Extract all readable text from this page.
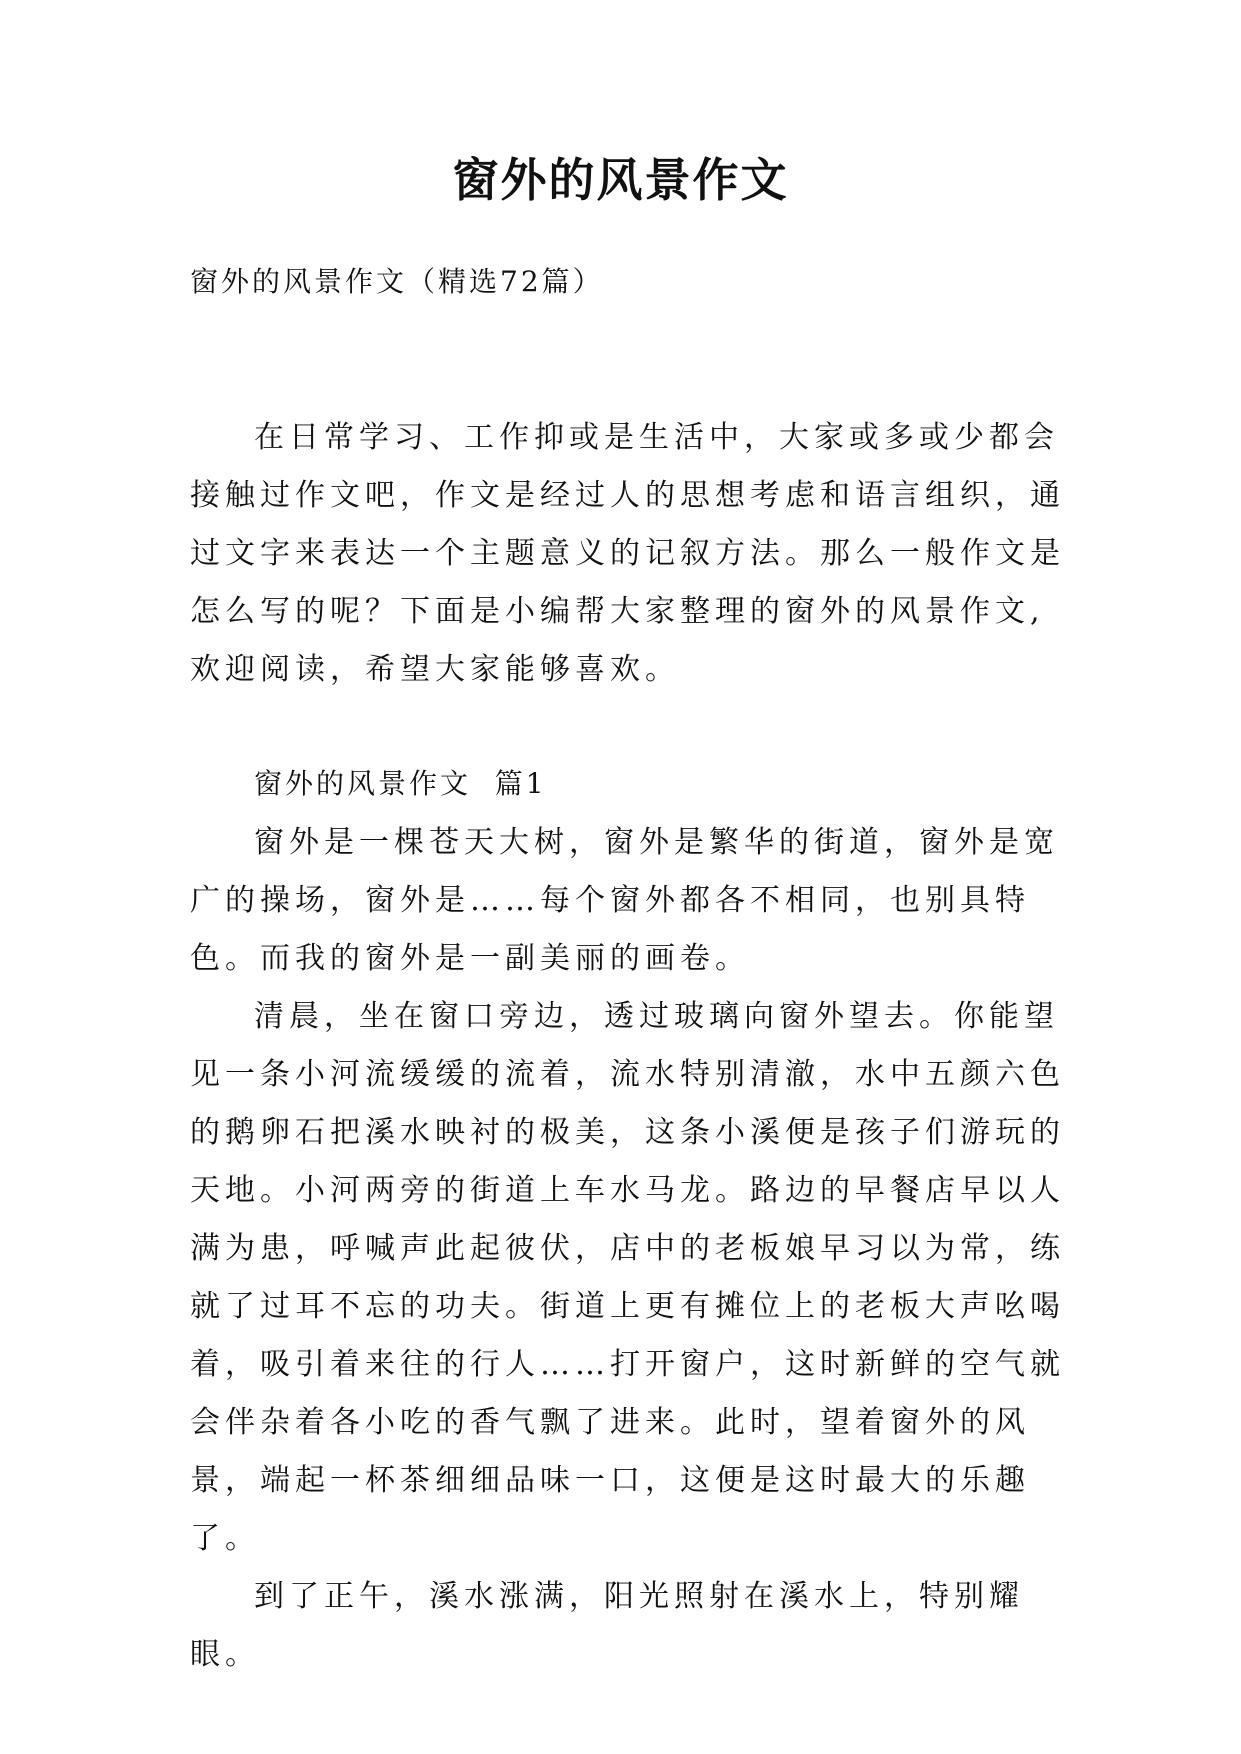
窗外的风景作文

窗外的风景作文（精选72篇）

在日常学习、工作抑或是生活中，大家或多或少都会接触过作文吧，作文是经过人的思想考虑和语言组织，通过文字来表达一个主题意义的记叙方法。那么一般作文是怎么写的呢？下面是小编帮大家整理的窗外的风景作文,欢迎阅读，希望大家能够喜欢。

窗外的风景作文  篇1

窗外是一棵苍天大树，窗外是繁华的街道，窗外是宽广的操场，窗外是……每个窗外都各不相同，也别具特色。而我的窗外是一副美丽的画卷。

清晨，坐在窗口旁边，透过玻璃向窗外望去。你能望见一条小河流缓缓的流着，流水特别清澈，水中五颜六色的鹅卵石把溪水映衬的极美，这条小溪便是孩子们游玩的天地。小河两旁的街道上车水马龙。路边的早餐店早以人满为患，呼喊声此起彼伏，店中的老板娘早习以为常，练就了过耳不忘的功夫。街道上更有摊位上的老板大声吆喝着，吸引着来往的行人……打开窗户，这时新鲜的空气就会伴杂着各小吃的香气飘了进来。此时，望着窗外的风景，端起一杯茶细细品味一口，这便是这时最大的乐趣了。

到了正午，溪水涨满，阳光照射在溪水上，特别耀眼。
